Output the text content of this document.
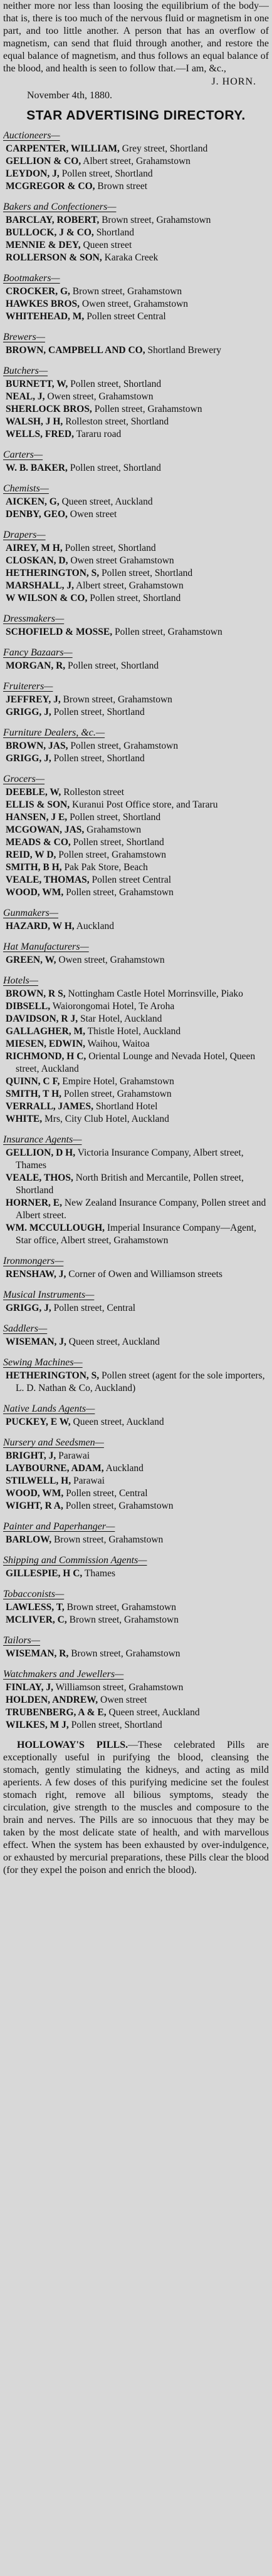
neither more nor less than loosing the equilibrium of the body—that is, there is too much of the nervous fluid or magnetism in one part, and too little another. A person that has an overflow of magnetism, can send that fluid through another, and restore the equal balance of magnetism, and thus follows an equal balance of the blood, and health is seen to follow that.—I am, &c.,

J. HORN.

November 4th, 1880.

STAR ADVERTISING DIRECTORY.

Auctioneers—

CARPENTER, WILLIAM, Grey street, Shortland

GELLION & CO, Albert street, Grahamstown

LEYDON, J, Pollen street, Shortland

MCGREGOR & CO, Brown street

Bakers and Confectioners—

BARCLAY, ROBERT, Brown street, Grahamstown

BULLOCK, J & CO, Shortland

MENNIE & DEY, Queen street

ROLLERSON & SON, Karaka Creek

Bootmakers—

CROCKER, G, Brown street, Grahamstown

HAWKES BROS, Owen street, Grahamstown

WHITEHEAD, M, Pollen street Central

Brewers—

BROWN, CAMPBELL AND CO, Shortland Brewery

Butchers—

BURNETT, W, Pollen street, Shortland

NEAL, J, Owen street, Grahamstown

SHERLOCK BROS, Pollen street, Grahamstown

WALSH, J H, Rolleston street, Shortland

WELLS, FRED, Tararu road

Carters—

W. B. BAKER, Pollen street, Shortland

Chemists—

AICKEN, G, Queen street, Auckland

DENBY, GEO, Owen street

Drapers—

AIREY, M H, Pollen street, Shortland

CLOSKAN, D, Owen street Grahamstown

HETHERINGTON, S, Pollen street, Shortland

MARSHALL, J, Albert street, Grahamstown

W WILSON & CO, Pollen street, Shortland

Dressmakers—

SCHOFIELD & MOSSE, Pollen street, Grahamstown

Fancy Bazaars—

MORGAN, R, Pollen street, Shortland

Fruiterers—

JEFFREY, J, Brown street, Grahamstown

GRIGG, J, Pollen street, Shortland

Furniture Dealers, &c.—

BROWN, JAS, Pollen street, Grahamstown

GRIGG, J, Pollen street, Shortland

Grocers—

DEEBLE, W, Rolleston street

ELLIS & SON, Kuranui Post Office store, and Tararu

HANSEN, J E, Pollen street, Shortland

MCGOWAN, JAS, Grahamstown

MEADS & CO, Pollen street, Shortland

REID, W D, Pollen street, Grahamstown

SMITH, B H, Pak Pak Store, Beach

VEALE, THOMAS, Pollen street Central

WOOD, WM, Pollen street, Grahamstown

Gunmakers—

HAZARD, W H, Auckland

Hat Manufacturers—

GREEN, W, Owen street, Grahamstown

Hotels—

BROWN, R S, Nottingham Castle Hotel Morrinsville, Piako

DIBSELL, Waiorongomai Hotel, Te Aroha

DAVIDSON, R J, Star Hotel, Auckland

GALLAGHER, M, Thistle Hotel, Auckland

MIESEN, EDWIN, Waihou, Waitoa

RICHMOND, H C, Oriental Lounge and Nevada Hotel, Queen street, Auckland

QUINN, C F, Empire Hotel, Grahamstown

SMITH, T H, Pollen street, Grahamstown

VERRALL, JAMES, Shortland Hotel

WHITE, Mrs, City Club Hotel, Auckland

Insurance Agents—

GELLION, D H, Victoria Insurance Company, Albert street, Thames

VEALE, THOS, North British and Mercantile, Pollen street, Shortland

HORNER, E, New Zealand Insurance Company, Pollen street and Albert street.

WM. MCCULLOUGH, Imperial Insurance Company—Agent, Star office, Albert street, Grahamstown

Ironmongers—

RENSHAW, J, Corner of Owen and Williamson streets

Musical Instruments—

GRIGG, J, Pollen street, Central

Saddlers—

WISEMAN, J, Queen street, Auckland

Sewing Machines—

HETHERINGTON, S, Pollen street (agent for the sole importers, L. D. Nathan & Co, Auckland)

Native Lands Agents—

PUCKEY, E W, Queen street, Auckland

Nursery and Seedsmen—

BRIGHT, J, Parawai

LAYBOURNE, ADAM, Auckland

STILWELL, H, Parawai

WOOD, WM, Pollen street, Central

WIGHT, R A, Pollen street, Grahamstown

Painter and Paperhanger—

BARLOW, Brown street, Grahamstown

Shipping and Commission Agents—

GILLESPIE, H C, Thames

Tobacconists—

LAWLESS, T, Brown street, Grahamstown

MCLIVER, C, Brown street, Grahamstown

Tailors—

WISEMAN, R, Brown street, Grahamstown

Watchmakers and Jewellers—

FINLAY, J, Williamson street, Grahamstown

HOLDEN, ANDREW, Owen street

TRUBENBERG, A & E, Queen street, Auckland

WILKES, M J, Pollen street, Shortland

HOLLOWAY'S PILLS.—These celebrated Pills are exceptionally useful in purifying the blood, cleansing the stomach, gently stimulating the kidneys, and acting as mild aperients. A few doses of this purifying medicine set the foulest stomach right, remove all bilious symptoms, steady the circulation, give strength to the muscles and composure to the brain and nerves. The Pills are so innocuous that they may be taken by the most delicate state of health, and with marvellous effect. When the system has been exhausted by over-indulgence, or exhausted by mercurial preparations, these Pills clear the blood (for they expel the poison and enrich the blood).
